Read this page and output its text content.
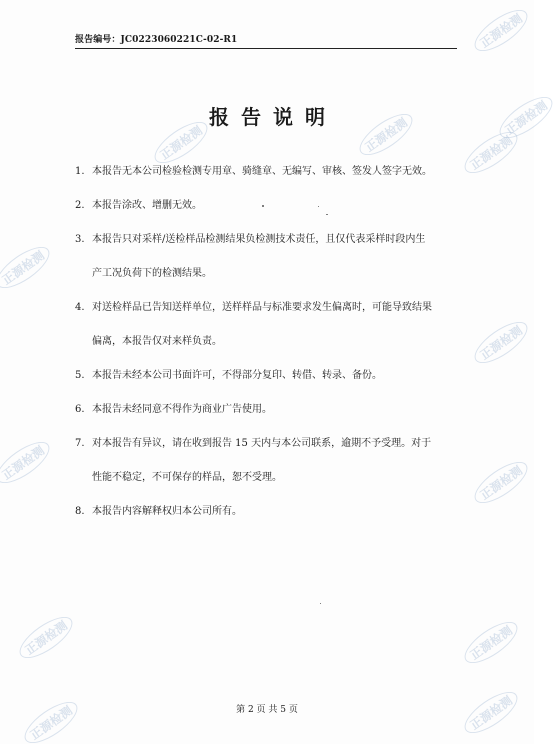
报告编号：JC0223060221C-02-R1
报告说明
1. 本报告无本公司检验检测专用章、骑缝章、无编写、审核、签发人签字无效。
2. 本报告涂改、增删无效。
3. 本报告只对采样/送检样品检测结果负检测技术责任，且仅代表采样时段内生
产工况负荷下的检测结果。
4. 对送检样品已告知送样单位，送样样品与标准要求发生偏离时，可能导致结果
偏离，本报告仅对来样负责。
5. 本报告未经本公司书面许可，不得部分复印、转借、转录、备份。
6. 本报告未经同意不得作为商业广告使用。
7. 对本报告有异议，请在收到报告 15 天内与本公司联系，逾期不予受理。对于
性能不稳定，不可保存的样品，恕不受理。
8. 本报告内容解释权归本公司所有。
第 2 页 共 5 页
正源检测
正源检测
正源检测
正源检测	正源检测
正源检测
正源检测
正源检测
正源检测
正源检测	正源检测
正源检测	正源检测
